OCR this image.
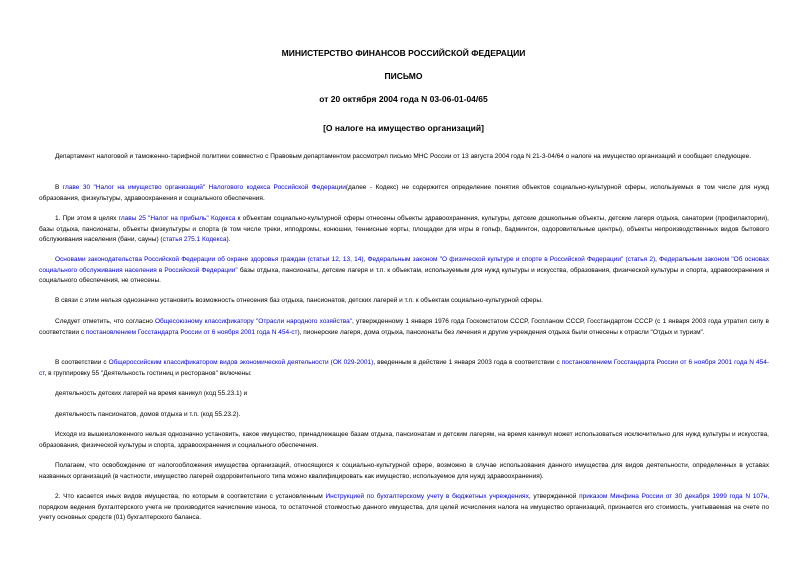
МИНИСТЕРСТВО ФИНАНСОВ РОССИЙСКОЙ ФЕДЕРАЦИИ
ПИСЬМО
от 20 октября 2004 года N 03-06-01-04/65
[О налоге на имущество организаций]

Департамент налоговой и таможенно-тарифной политики совместно с Правовым департаментом рассмотрел письмо МНС России от 13 августа 2004 года N 21-3-04/64 о налоге на имущество организаций и сообщает следующее.

В главе 30 "Налог на имущество организаций" Налогового кодекса Российской Федерации(далее - Кодекс) не содержится определение понятия объектов социально-культурной сферы, используемых в том числе для нужд образования, физкультуры, здравоохранения и социального обеспечения.

1. При этом в целях главы 25 "Налог на прибыль" Кодекса к объектам социально-культурной сферы отнесены объекты здравоохранения, культуры, детские дошкольные объекты, детские лагеря отдыха, санатории (профилактории), базы отдыха, пансионаты, объекты физкультуры и спорта (в том числе треки, ипподромы, конюшни, теннисные корты, площадки для игры в гольф, бадминтон, оздоровительные центры), объекты непроизводственных видов бытового обслуживания населения (бани, сауны) (статья 275.1 Кодекса).

Основами законодательства Российской Федерации об охране здоровья граждан (статьи 12, 13, 14), Федеральным законом "О физической культуре и спорте в Российской Федерации" (статья 2), Федеральным законом "Об основах социального обслуживания населения в Российской Федерации" базы отдыха, пансионаты, детские лагеря и т.п. к объектам, используемым для нужд культуры и искусства, образования, физической культуры и спорта, здравоохранения и социального обеспечения, не отнесены.

В связи с этим нельзя однозначно установить возможность отнесения баз отдыха, пансионатов, детских лагерей и т.п. к объектам социально-культурной сферы.

Следует отметить, что согласно Общесоюзному классификатору "Отрасли народного хозяйства", утвержденному 1 января 1976 года Госкомстатом СССР, Госпланом СССР, Госстандартом СССР (с 1 января 2003 года утратил силу в соответствии с постановлением Госстандарта России от 6 ноября 2001 года N 454-ст), пионерские лагеря, дома отдыха, пансионаты без лечения и другие учреждения отдыха были отнесены к отрасли "Отдых и туризм".

В соответствии с Общероссийским классификатором видов экономической деятельности (ОК 029-2001), введенным в действие 1 января 2003 года в соответствии с постановлением Госстандарта России от 6 ноября 2001 года N 454-ст, в группировку 55 "Деятельность гостиниц и ресторанов" включены:

деятельность детских лагерей на время каникул (код 55.23.1) и

деятельность пансионатов, домов отдыха и т.п. (код 55.23.2).

Исходя из вышеизложенного нельзя однозначно установить, какое имущество, принадлежащее базам отдыха, пансионатам и детским лагерям, на время каникул может использоваться исключительно для нужд культуры и искусства, образования, физической культуры и спорта, здравоохранения и социального обеспечения.

Полагаем, что освобождение от налогообложения имущества организаций, относящихся к социально-культурной сфере, возможно в случае использования данного имущества для видов деятельности, определенных в уставах названных организаций (в частности, имущество лагерей оздоровительного типа можно квалифицировать как имущество, используемое для нужд здравоохранения).

2. Что касается иных видов имущества, по которым в соответствии с установленным Инструкцией по бухгалтерскому учету в бюджетных учреждениях, утвержденной приказом Минфина России от 30 декабря 1999 года N 107н, порядком ведения бухгалтерского учета не производится начисление износа, то остаточной стоимостью данного имущества, для целей исчисления налога на имущество организаций, признается его стоимость, учитываемая на счете по учету основных средств (01) бухгалтерского баланса.
